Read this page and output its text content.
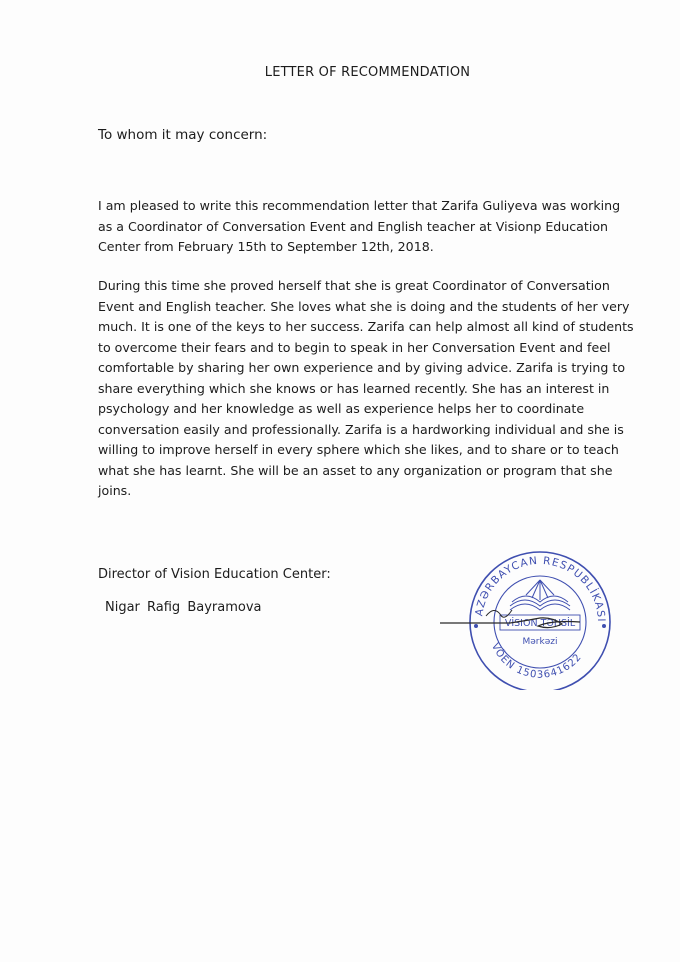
LETTER OF RECOMMENDATION
To whom it may concern:

I am pleased to write this recommendation letter that Zarifa Guliyeva was working as a Coordinator of Conversation Event and English teacher at Visionp Education Center from February 15th to September 12th, 2018.

During this time she proved herself that she is great Coordinator of Conversation Event and English teacher. She loves what she is doing and the students of her very much. It is one of the keys to her success. Zarifa can help almost all kind of students to overcome their fears and to begin to speak in her Conversation Event and feel comfortable by sharing her own experience and by giving advice. Zarifa is trying to share everything which she knows or has learned recently. She has an interest in psychology and her knowledge as well as experience helps her to coordinate conversation easily and professionally. Zarifa is a hardworking individual and she is willing to improve herself in every sphere which she likes, and to share or to teach what she has learnt. She will be an asset to any organization or program that she joins.

Director of Vision Education Center:
Nigar Rafig Bayramova	AZƏRBAYCAN RESPUBLİKASI
VÖEN 1503641622
VİSION TƏHSİL
Mərkəzi
